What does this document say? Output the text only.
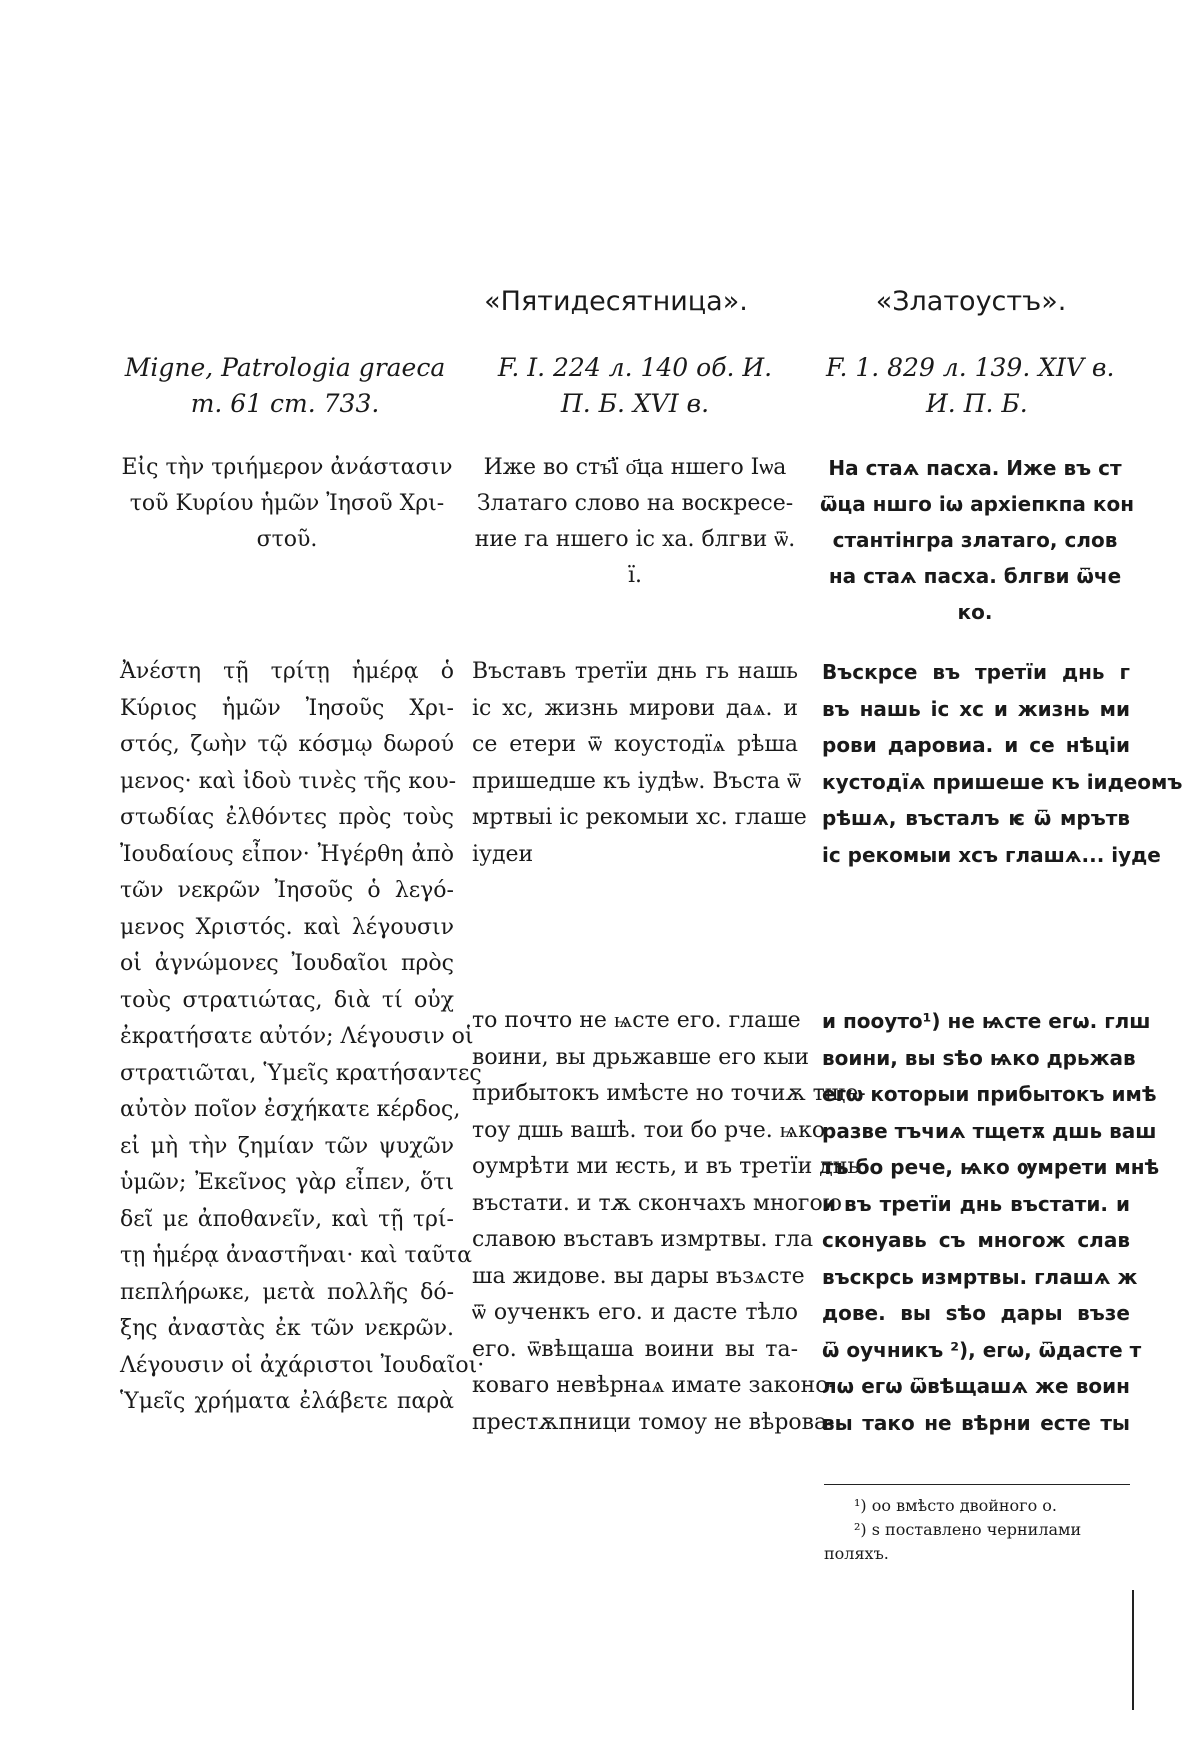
«Пятидесятница».	«Златоустъ».
Migne, Patrologia graeca
т. 61 ст. 733.
F. I. 224 л. 140 об. И.
П. Б. XVI в.
F. 1. 829 л. 139. XIV в.
И. П. Б.
Εἰς τὴν τριήμερον ἀνάστασιν
τοῦ Κυρίου ἡμῶν Ἰησοῦ Χρι-
στοῦ.
Иже во стъ҃ї о҃ца ншего Іѡа
Златаго слово на воскресе-
ние га ншего іс ха. блгви ѿ.
ї.
На стаѧ пасха. Иже въ ст
ѿца ншго іѡ архіепкпа кон
стантінгра златаго, слов
на стаѧ пасха. блгви ѿче
ко.
Ἀνέστη τῇ τρίτῃ ἡμέρᾳ ὁ
Κύριος ἡμῶν Ἰησοῦς Χρι-
στός, ζωὴν τῷ κόσμῳ δωρού
μενος· καὶ ἰδοὺ τινὲς τῆς κου-
στωδίας ἐλθόντες πρὸς τοὺς
Ἰουδαίους εἶπον· Ἠγέρθη ἀπὸ
τῶν νεκρῶν Ἰησοῦς ὁ λεγό-
μενος Χριστός. καὶ λέγουσιν
οἱ ἀγνώμονες Ἰουδαῖοι πρὸς
τοὺς στρατιώτας, διὰ τί οὐχ
ἐκρατήσατε αὐτόν; Λέγουσιν οἱ
στρατιῶται, Ὑμεῖς κρατήσαντες
αὐτὸν ποῖον ἐσχήκατε κέρδος,
εἰ μὴ τὴν ζημίαν τῶν ψυχῶν
ὑμῶν; Ἐκεῖνος γὰρ εἶπεν, ὅτι
δεῖ με ἀποθανεῖν, καὶ τῇ τρί-
τῃ ἡμέρᾳ ἀναστῆναι· καὶ ταῦτα
πεπλήρωκε, μετὰ πολλῆς δό-
ξης ἀναστὰς ἐκ τῶν νεκρῶν.
Λέγουσιν οἱ ἀχάριστοι Ἰουδαῖοι·
Ὑμεῖς χρήματα ἐλάβετε παρὰ
Въставъ третїи днь гь нашь
іс хс, жизнь мирови даѧ. и
се етери ѿ коустодїѧ рѣша
пришедше къ іудѣѡ. Въста ѿ
мртвыі іс рекомыи хс. глаше
іудеи
Въскрсе въ третїи днь г
въ нашь іс хс и жизнь ми
рови даровиа. и се нѣціи
кустодїѧ пришеше къ іидеомъ
рѣшѧ, въсталъ ѥ ѿ мрътв
іс рекомыи хсъ глашѧ... іуде
то почто не ѩсте его. глаше
воини, вы дрьжавше его кыи
прибытокъ имѣсте но точиѫ тще-
тоу дшь вашѣ. тои бо рче. ѩко
оумрѣти ми ѥсть, и въ третїи днь
въстати. и тѫ скончахъ многою
славою въставъ измртвы. гла
ша жидове. вы дары възѧсте
ѿ оученкъ его. и дасте тѣло
его. ѿвѣщаша воини вы та-
коваго невѣрнаѧ имате законо-
престѫпници томоу не вѣрова-
и пооуто¹) не ѩсте егѡ. глш
воини, вы ѕѣо ѩко дрьжав
егѡ которыи прибытокъ имѣ
разве тъчиѧ тщетѫ дшь ваш
тъ бо рече, ѩко ѹмрети мнѣ
и въ третїи днь въстати. и
сконуавь съ многож слав
въскрсь измртвы. глашѧ ж
дове. вы ѕѣо дары възе
ѿ оучникъ ²), егѡ, ѿдасте т
лѡ егѡ ѿвѣщашѧ же воин
вы тако не вѣрни есте ты
¹) оо вмѣсто двойного о.
²) ѕ поставлено чернилами
поляхъ.
